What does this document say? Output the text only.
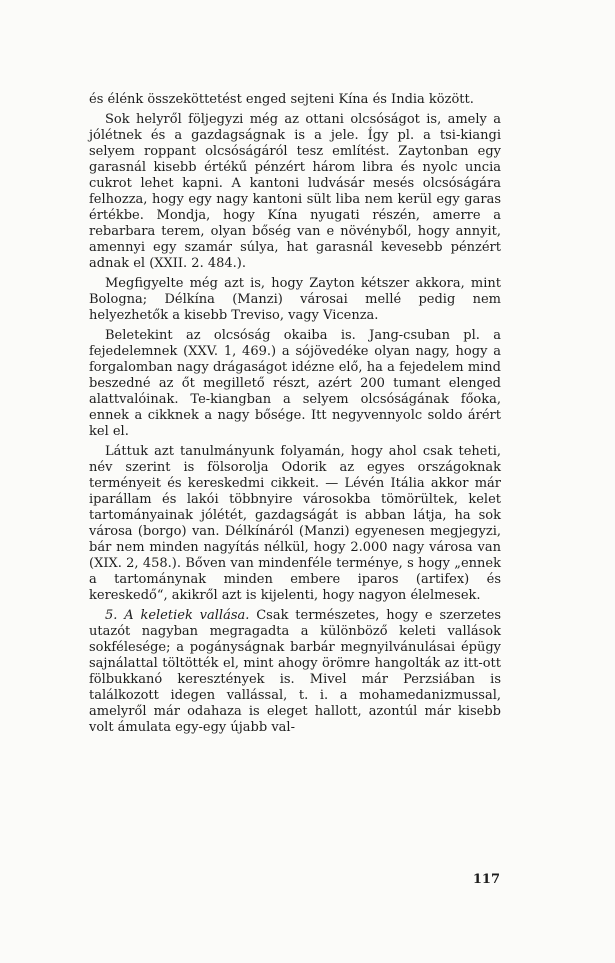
és élénk összeköttetést enged sejteni Kína és India között.

Sok helyről följegyzi még az ottani olcsóságot is, amely a jólétnek és a gazdagságnak is a jele. Így pl. a tsi-kiangi selyem roppant olcsóságáról tesz említést. Zaytonban egy garasnál kisebb értékű pénzért három libra és nyolc uncia cukrot lehet kapni. A kantoni ludvásár mesés olcsóságára felhozza, hogy egy nagy kantoni sült liba nem kerül egy garas értékbe. Mondja, hogy Kína nyugati részén, amerre a rebarbara terem, olyan bőség van e növényből, hogy annyit, amennyi egy szamár súlya, hat garasnál kevesebb pénzért adnak el (XXII. 2. 484.).

Megfigyelte még azt is, hogy Zayton kétszer akkora, mint Bologna; Délkína (Manzi) városai mellé pedig nem helyezhetők a kisebb Treviso, vagy Vicenza.

Beletekint az olcsóság okaiba is. Jang-csuban pl. a fejedelemnek (XXV. 1, 469.) a sójövedéke olyan nagy, hogy a forgalomban nagy drágaságot idézne elő, ha a fejedelem mind beszedné az őt megillető részt, azért 200 tumant elenged alattvalóinak. Te-kiangban a selyem olcsóságának főoka, ennek a cikknek a nagy bősége. Itt negyvennyolc soldo árért kel el.

Láttuk azt tanulmányunk folyamán, hogy ahol csak teheti, név szerint is fölsorolja Odorik az egyes országoknak terményeit és kereskedmi cikkeit. — Lévén Itália akkor már iparállam és lakói többnyire városokba tömörültek, kelet tartományainak jólétét, gazdagságát is abban látja, ha sok városa (borgo) van. Délkínáról (Manzi) egyenesen megjegyzi, bár nem minden nagyítás nélkül, hogy 2.000 nagy városa van (XIX. 2, 458.). Bőven van mindenféle terménye, s hogy „ennek a tartománynak minden embere iparos (artifex) és kereskedő“, akikről azt is kijelenti, hogy nagyon élelmesek.

5. A keletiek vallása. Csak természetes, hogy e szerzetes utazót nagyban megragadta a különböző keleti vallások sokfélesége; a pogányságnak barbár megnyilvánulásai épügy sajnálattal töltötték el, mint ahogy örömre hangolták az itt-ott fölbukkanó keresztények is. Mivel már Perzsiában is találkozott idegen vallással, t. i. a mohamedanizmussal, amelyről már odahaza is eleget hallott, azontúl már kisebb volt ámulata egy-egy újabb val-

117
